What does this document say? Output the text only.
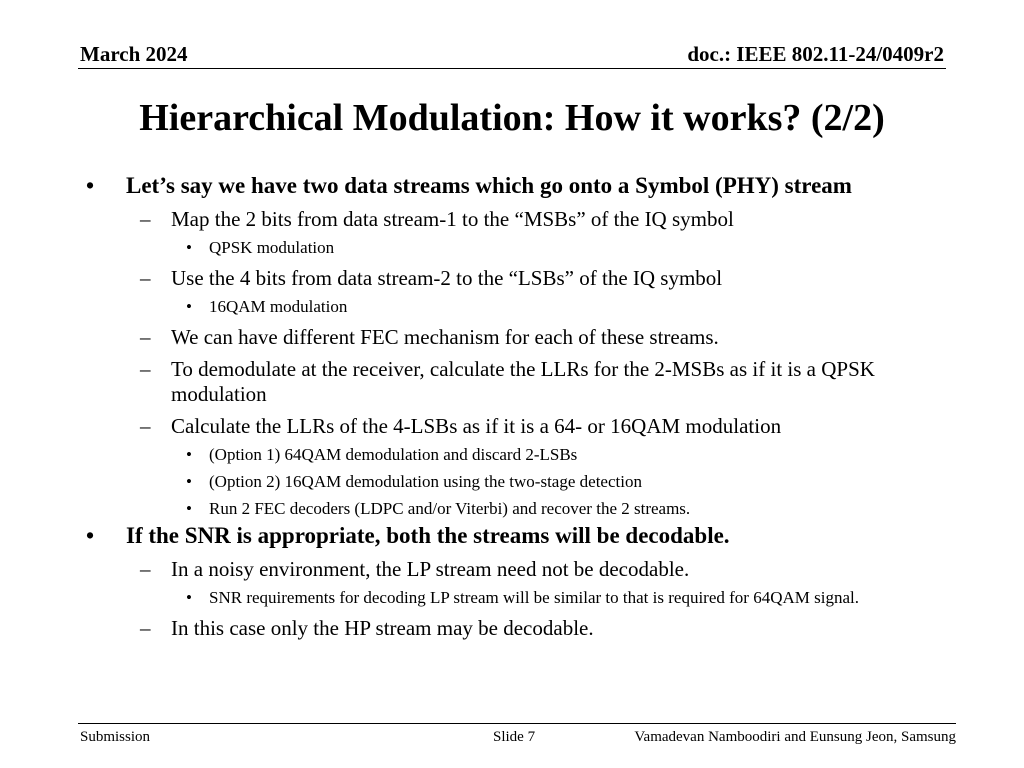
March 2024	doc.: IEEE 802.11-24/0409r2
Hierarchical Modulation: How it works? (2/2)
• Let’s say we have two data streams which go onto a Symbol (PHY) stream
– Map the 2 bits from data stream-1 to the “MSBs” of the IQ symbol
• QPSK modulation
– Use the 4 bits from data stream-2 to the “LSBs” of the IQ symbol
• 16QAM modulation
– We can have different FEC mechanism for each of these streams.
– To demodulate at the receiver, calculate the LLRs for the 2-MSBs as if it is a QPSK modulation
– Calculate the LLRs of the 4-LSBs as if it is a 64- or 16QAM modulation
• (Option 1) 64QAM demodulation and discard 2-LSBs
• (Option 2) 16QAM demodulation using the two-stage detection
• Run 2 FEC decoders (LDPC and/or Viterbi) and recover the 2 streams.
• If the SNR is appropriate, both the streams will be decodable.
– In a noisy environment, the LP stream need not be decodable.
• SNR requirements for decoding LP stream will be similar to that is required for 64QAM signal.
– In this case only the HP stream may be decodable.
Submission	Slide 7	Vamadevan Namboodiri and Eunsung Jeon, Samsung
